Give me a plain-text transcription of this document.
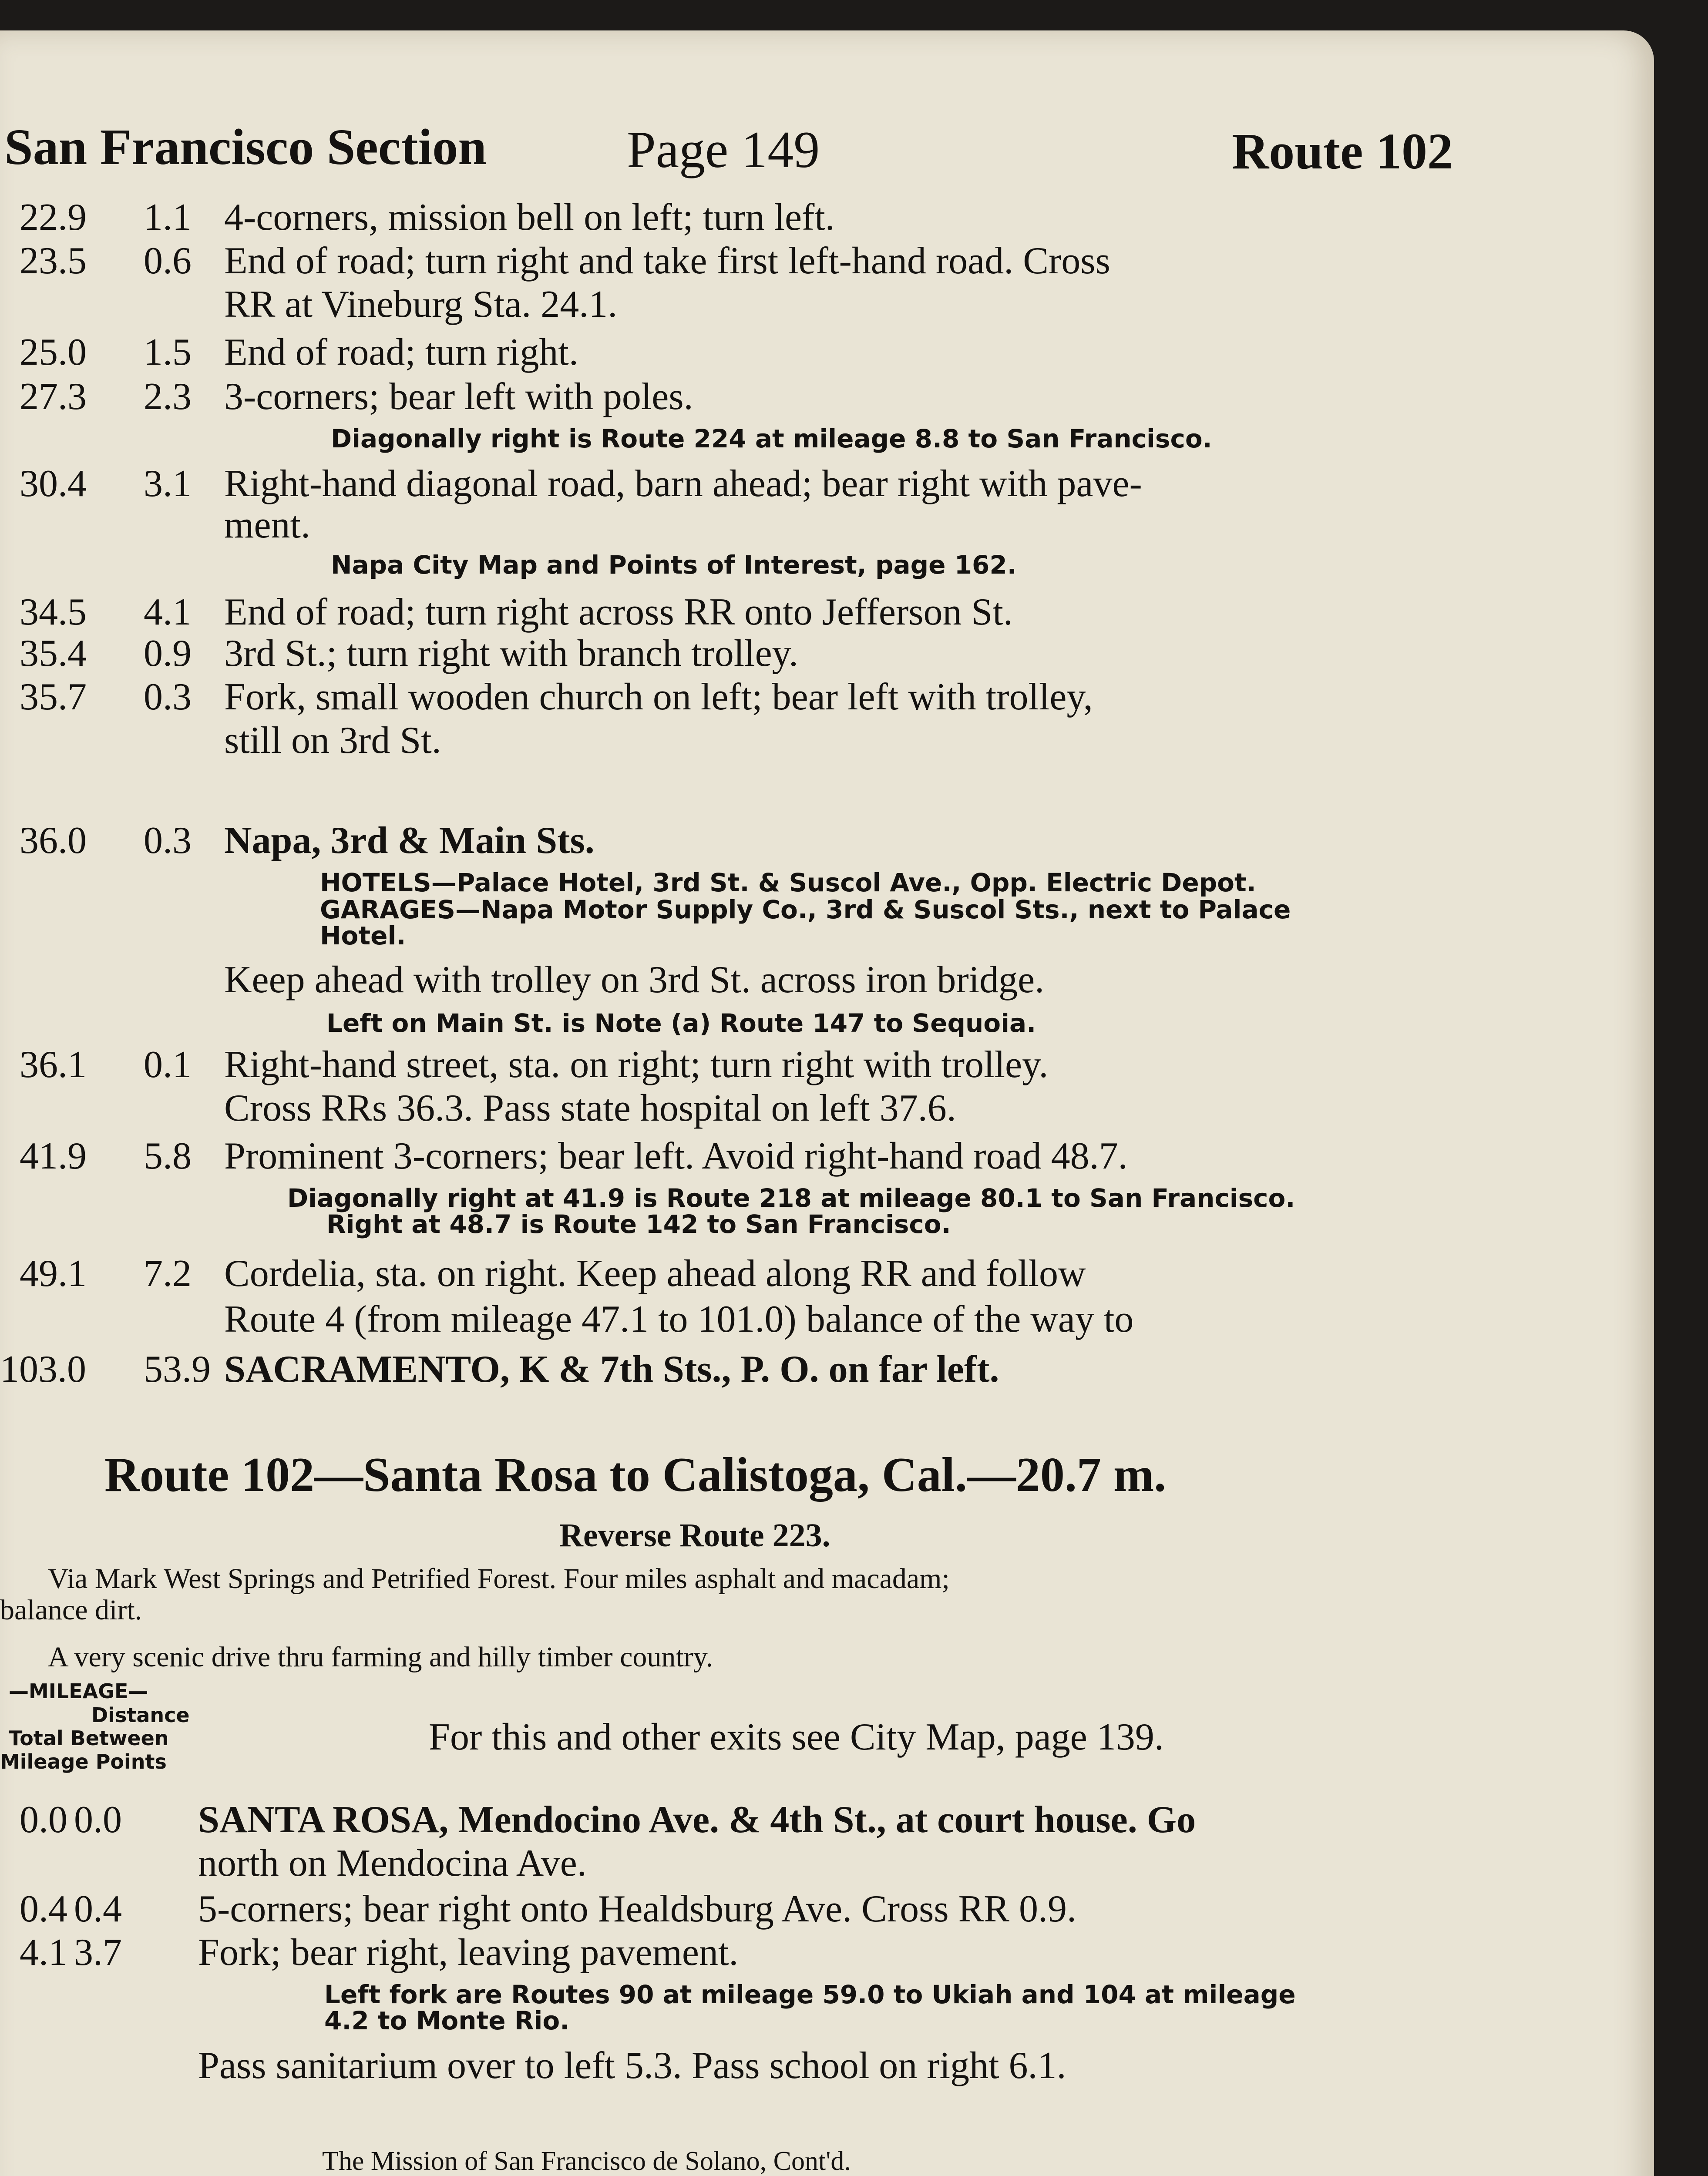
San Francisco Section	Page 149	Route 102
22.9 1.1 4-corners, mission bell on left; turn left.
23.5 0.6 End of road; turn right and take first left-hand road. Cross
RR at Vineburg Sta. 24.1.
25.0 1.5 End of road; turn right.
27.3 2.3 3-corners; bear left with poles.
Diagonally right is Route 224 at mileage 8.8 to San Francisco.
30.4 3.1 Right-hand diagonal road, barn ahead; bear right with pave-
ment.
Napa City Map and Points of Interest, page 162.
34.5 4.1 End of road; turn right across RR onto Jefferson St.
35.4 0.9 3rd St.; turn right with branch trolley.
35.7 0.3 Fork, small wooden church on left; bear left with trolley,
still on 3rd St.
36.0 0.3 Napa, 3rd & Main Sts.
HOTELS—Palace Hotel, 3rd St. & Suscol Ave., Opp. Electric Depot.
GARAGES—Napa Motor Supply Co., 3rd & Suscol Sts., next to Palace
Hotel.
Keep ahead with trolley on 3rd St. across iron bridge.
Left on Main St. is Note (a) Route 147 to Sequoia.
36.1 0.1 Right-hand street, sta. on right; turn right with trolley.
Cross RRs 36.3. Pass state hospital on left 37.6.
41.9 5.8 Prominent 3-corners; bear left. Avoid right-hand road 48.7.
Diagonally right at 41.9 is Route 218 at mileage 80.1 to San Francisco.
Right at 48.7 is Route 142 to San Francisco.
49.1 7.2 Cordelia, sta. on right. Keep ahead along RR and follow
Route 4 (from mileage 47.1 to 101.0) balance of the way to
103.0 53.9 SACRAMENTO, K & 7th Sts., P. O. on far left.
Route 102—Santa Rosa to Calistoga, Cal.—20.7 m.
Reverse Route 223.
Via Mark West Springs and Petrified Forest. Four miles asphalt and macadam;
balance dirt.
A very scenic drive thru farming and hilly timber country.
—MILEAGE—
Distance
Total Between
Mileage Points
For this and other exits see City Map, page 139.
0.0 0.0 SANTA ROSA, Mendocino Ave. & 4th St., at court house. Go
north on Mendocina Ave.
0.4 0.4 5-corners; bear right onto Healdsburg Ave. Cross RR 0.9.
4.1 3.7 Fork; bear right, leaving pavement.
Left fork are Routes 90 at mileage 59.0 to Ukiah and 104 at mileage
4.2 to Monte Rio.
Pass sanitarium over to left 5.3. Pass school on right 6.1.
The Mission of San Francisco de Solano, Cont'd.
